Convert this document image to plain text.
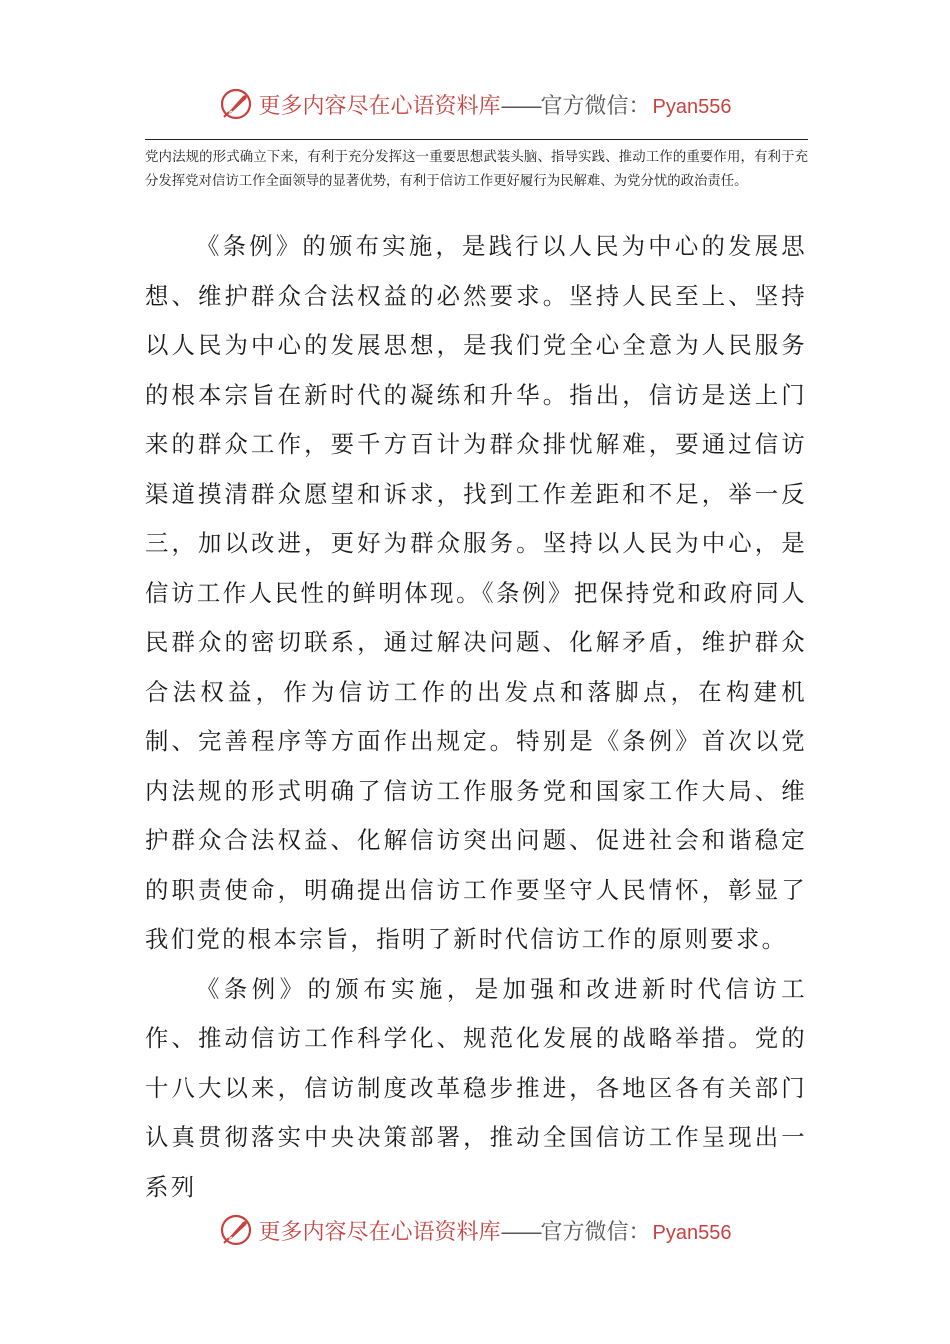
更多内容尽在心语资料库——官方微信： Pyan556

党内法规的形式确立下来，有利于充分发挥这一重要思想武装头脑、指导实践、推动工作的重要作用，有利于充分发挥党对信访工作全面领导的显著优势，有利于信访工作更好履行为民解难、为党分忧的政治责任。

《条例》的颁布实施，是践行以人民为中心的发展思想、维护群众合法权益的必然要求。坚持人民至上、坚持以人民为中心的发展思想，是我们党全心全意为人民服务的根本宗旨在新时代的凝练和升华。指出，信访是送上门来的群众工作，要千方百计为群众排忧解难，要通过信访渠道摸清群众愿望和诉求，找到工作差距和不足，举一反三，加以改进，更好为群众服务。坚持以人民为中心，是信访工作人民性的鲜明体现。《条例》把保持党和政府同人民群众的密切联系，通过解决问题、化解矛盾，维护群众合法权益，作为信访工作的出发点和落脚点，在构建机制、完善程序等方面作出规定。特别是《条例》首次以党内法规的形式明确了信访工作服务党和国家工作大局、维护群众合法权益、化解信访突出问题、促进社会和谐稳定的职责使命，明确提出信访工作要坚守人民情怀，彰显了我们党的根本宗旨，指明了新时代信访工作的原则要求。

《条例》的颁布实施，是加强和改进新时代信访工作、推动信访工作科学化、规范化发展的战略举措。党的十八大以来，信访制度改革稳步推进，各地区各有关部门认真贯彻落实中央决策部署，推动全国信访工作呈现出一系列

更多内容尽在心语资料库——官方微信： Pyan556
